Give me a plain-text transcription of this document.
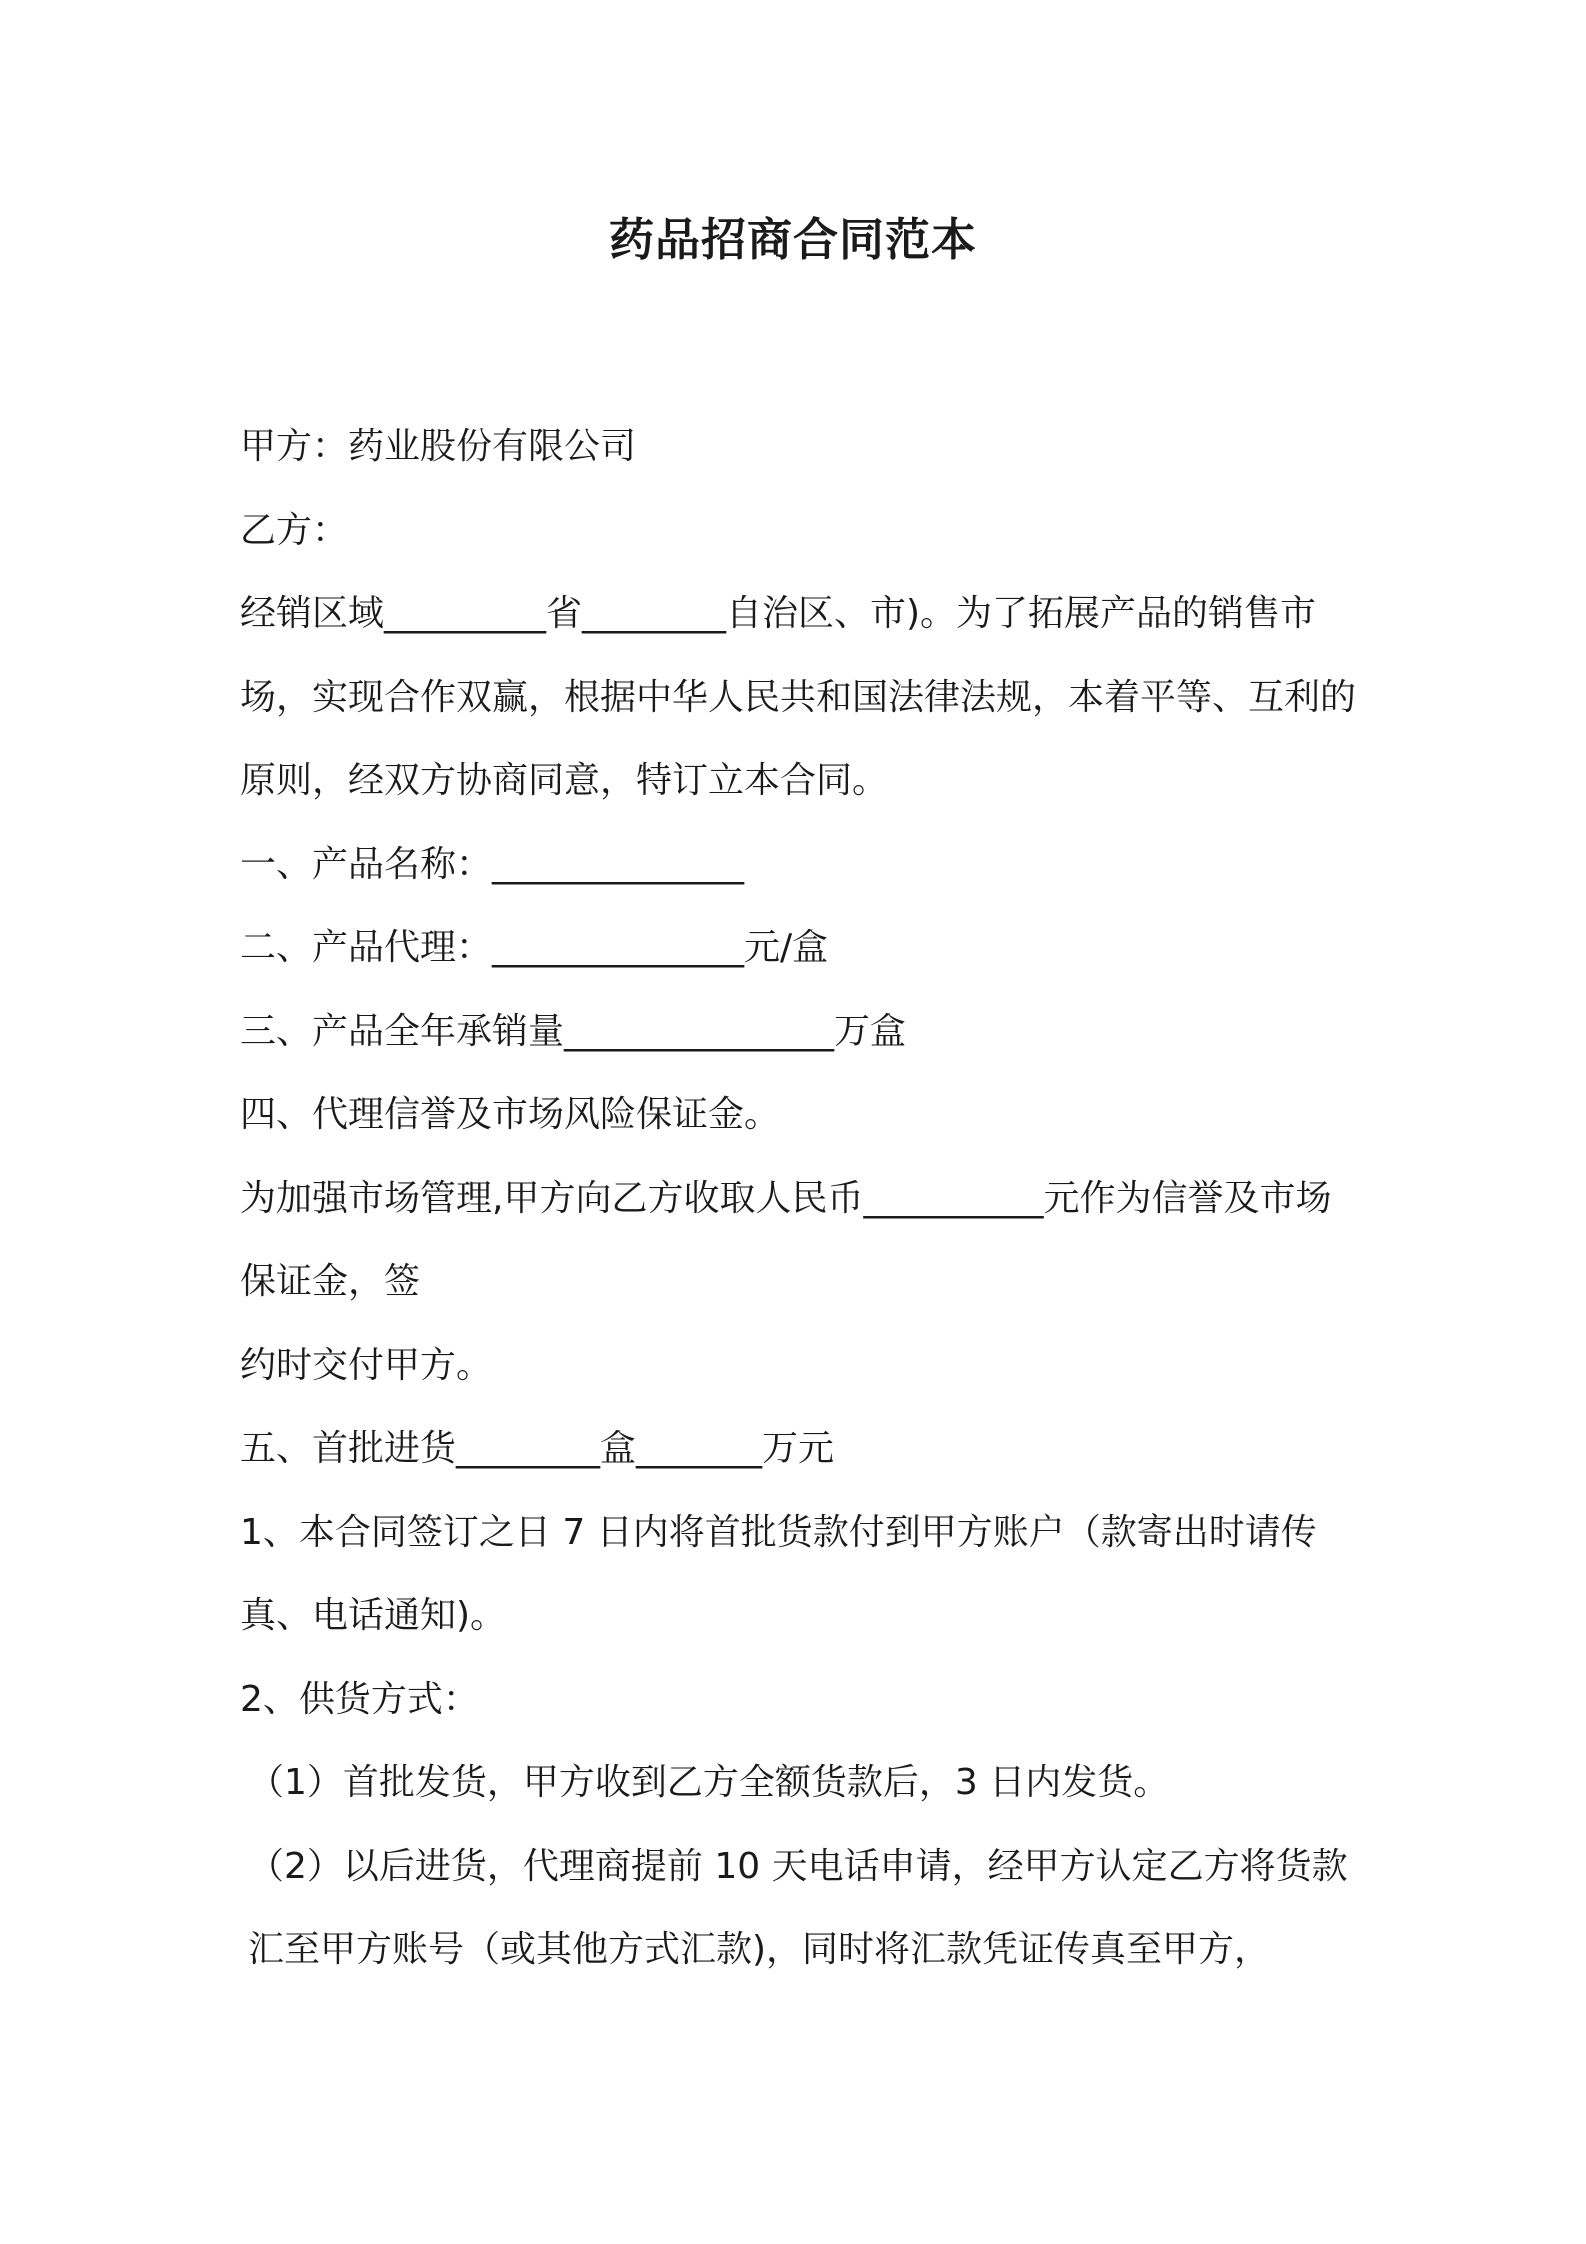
药品招商合同范本

甲方：药业股份有限公司

乙方：

经销区域_________省________自治区、市)。为了拓展产品的销售市场，实现合作双赢，根据中华人民共和国法律法规，本着平等、互利的原则，经双方协商同意，特订立本合同。

一、产品名称：______________

二、产品代理：______________元/盒

三、产品全年承销量_______________万盒

四、代理信誉及市场风险保证金。

为加强市场管理,甲方向乙方收取人民币__________元作为信誉及市场保证金，签

约时交付甲方。

五、首批进货________盒_______万元

1、本合同签订之日 7 日内将首批货款付到甲方账户（款寄出时请传真、电话通知)。

2、供货方式：

（1）首批发货，甲方收到乙方全额货款后，3 日内发货。

（2）以后进货，代理商提前 10 天电话申请，经甲方认定乙方将货款汇至甲方账号（或其他方式汇款)，同时将汇款凭证传真至甲方，
